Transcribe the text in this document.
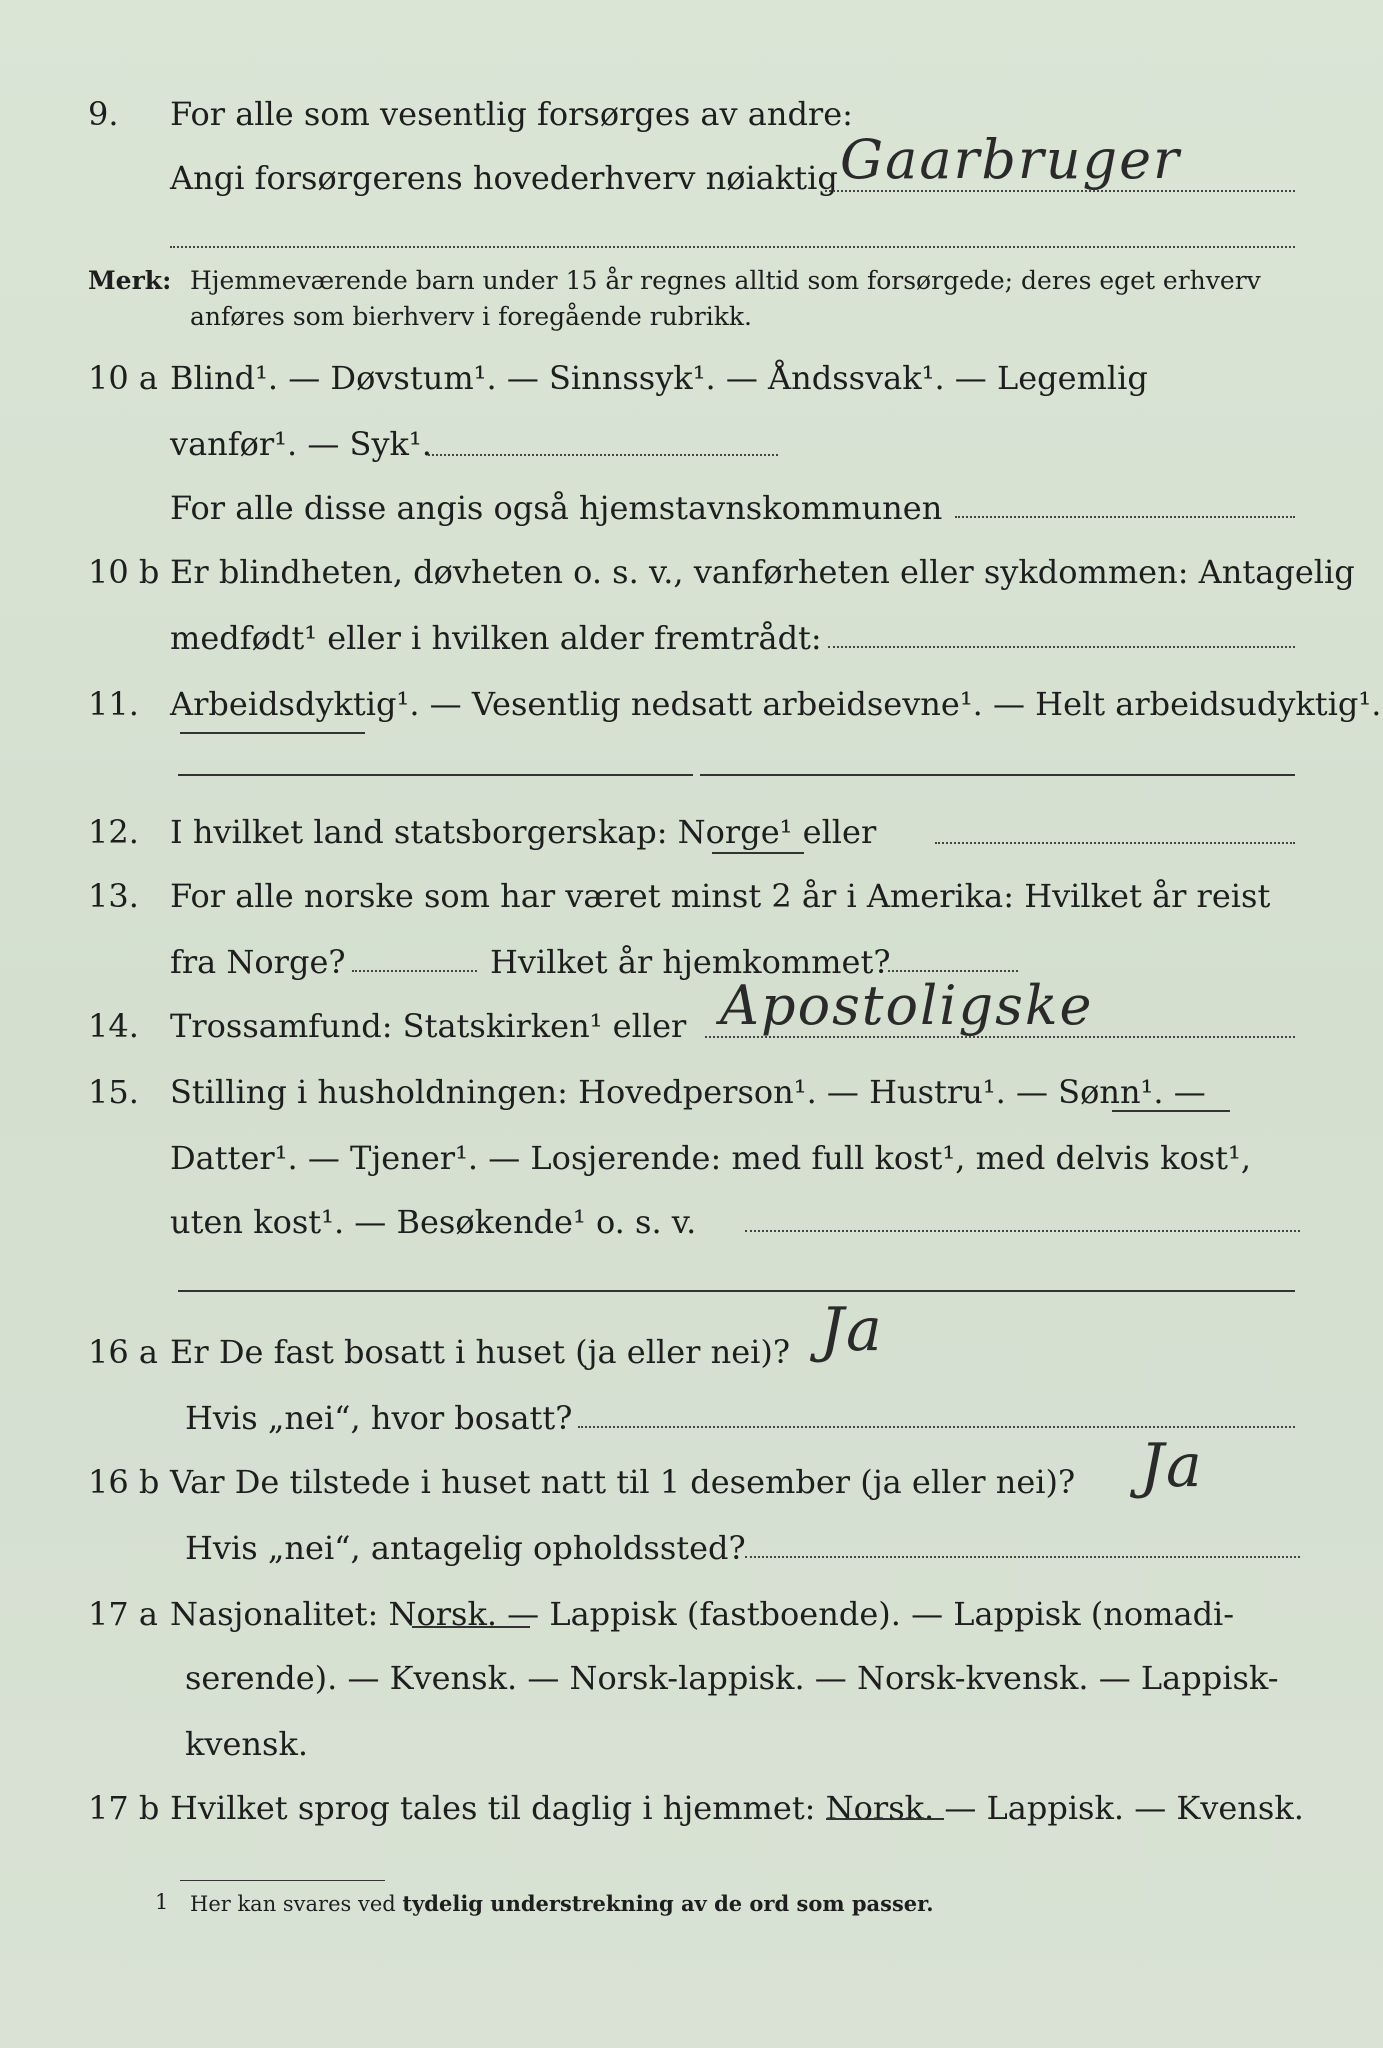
9. For alle som vesentlig forsørges av andre:
Angi forsørgerens hovederhverv nøiaktig Gaarbruger
Merk: Hjemmeværende barn under 15 år regnes alltid som forsørgede; deres eget erhverv
anføres som bierhverv i foregående rubrikk.
10 a Blind¹. — Døvstum¹. — Sinnssyk¹. — Åndssvak¹. — Legemlig
vanfør¹. — Syk¹.
For alle disse angis også hjemstavnskommunen
10 b Er blindheten, døvheten o. s. v., vanførheten eller sykdommen: Antagelig
medfødt¹ eller i hvilken alder fremtrådt:
11. Arbeidsdyktig¹. — Vesentlig nedsatt arbeidsevne¹. — Helt arbeidsudyktig¹.
12. I hvilket land statsborgerskap: Norge¹ eller
13. For alle norske som har været minst 2 år i Amerika: Hvilket år reist
fra Norge?	Hvilket år hjemkommet?
14. Trossamfund: Statskirken¹ eller Apostoligske
15. Stilling i husholdningen: Hovedperson¹. — Hustru¹. — Sønn¹. —
Datter¹. — Tjener¹. — Losjerende: med full kost¹, med delvis kost¹,
uten kost¹. — Besøkende¹ o. s. v.
16 a Er De fast bosatt i huset (ja eller nei)? Ja
Hvis „nei“, hvor bosatt?
16 b Var De tilstede i huset natt til 1 desember (ja eller nei)? Ja
Hvis „nei“, antagelig opholdssted?
17 a Nasjonalitet: Norsk. — Lappisk (fastboende). — Lappisk (nomadi-
serende). — Kvensk. — Norsk-lappisk. — Norsk-kvensk. — Lappisk-
kvensk.
17 b Hvilket sprog tales til daglig i hjemmet: Norsk. — Lappisk. — Kvensk.
1 Her kan svares ved tydelig understrekning av de ord som passer.
